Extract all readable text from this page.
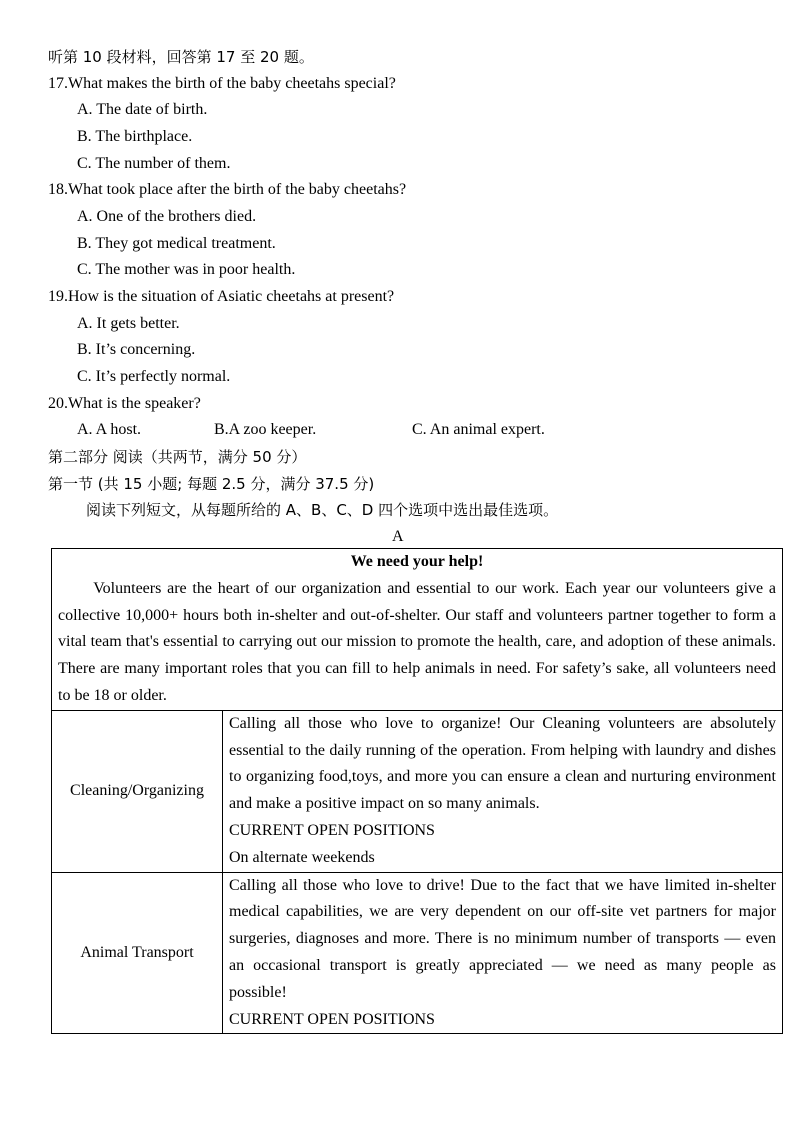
听第 10 段材料，回答第 17 至 20 题。
17.What makes the birth of the baby cheetahs special?
A. The date of birth.
B. The birthplace.
C. The number of them.
18.What took place after the birth of the baby cheetahs?
A. One of the brothers died.
B. They got medical treatment.
C. The mother was in poor health.
19.How is the situation of Asiatic cheetahs at present?
A. It gets better.
B. It’s concerning.
C. It’s perfectly normal.
20.What is the speaker?
A. A host.	B.A zoo keeper.	C. An animal expert.
第二部分 阅读（共两节，满分 50 分）
第一节 (共 15 小题; 每题 2.5 分，满分 37.5 分)
阅读下列短文，从每题所给的 A、B、C、D 四个选项中选出最佳选项。
A
We need your help!

Volunteers are the heart of our organization and essential to our work. Each year our volunteers give a collective 10,000+ hours both in-shelter and out-of-shelter. Our staff and volunteers partner together to form a vital team that's essential to carrying out our mission to promote the health, care, and adoption of these animals. There are many important roles that you can fill to help animals in need. For safety’s sake, all volunteers need to be 18 or older.	

Cleaning/Organizing	Calling all those who love to organize! Our Cleaning volunteers are absolutely essential to the daily running of the operation. From helping with laundry and dishes to organizing food,toys, and more you can ensure a clean and nurturing environment and make a positive impact on so many animals.

CURRENT OPEN POSITIONS
On alternate weekends

Animal Transport	Calling all those who love to drive! Due to the fact that we have limited in-shelter medical capabilities, we are very dependent on our off-site vet partners for major surgeries, diagnoses and more. There is no minimum number of transports — even an occasional transport is greatly appreciated — we need as many people as possible!

CURRENT OPEN POSITIONS
